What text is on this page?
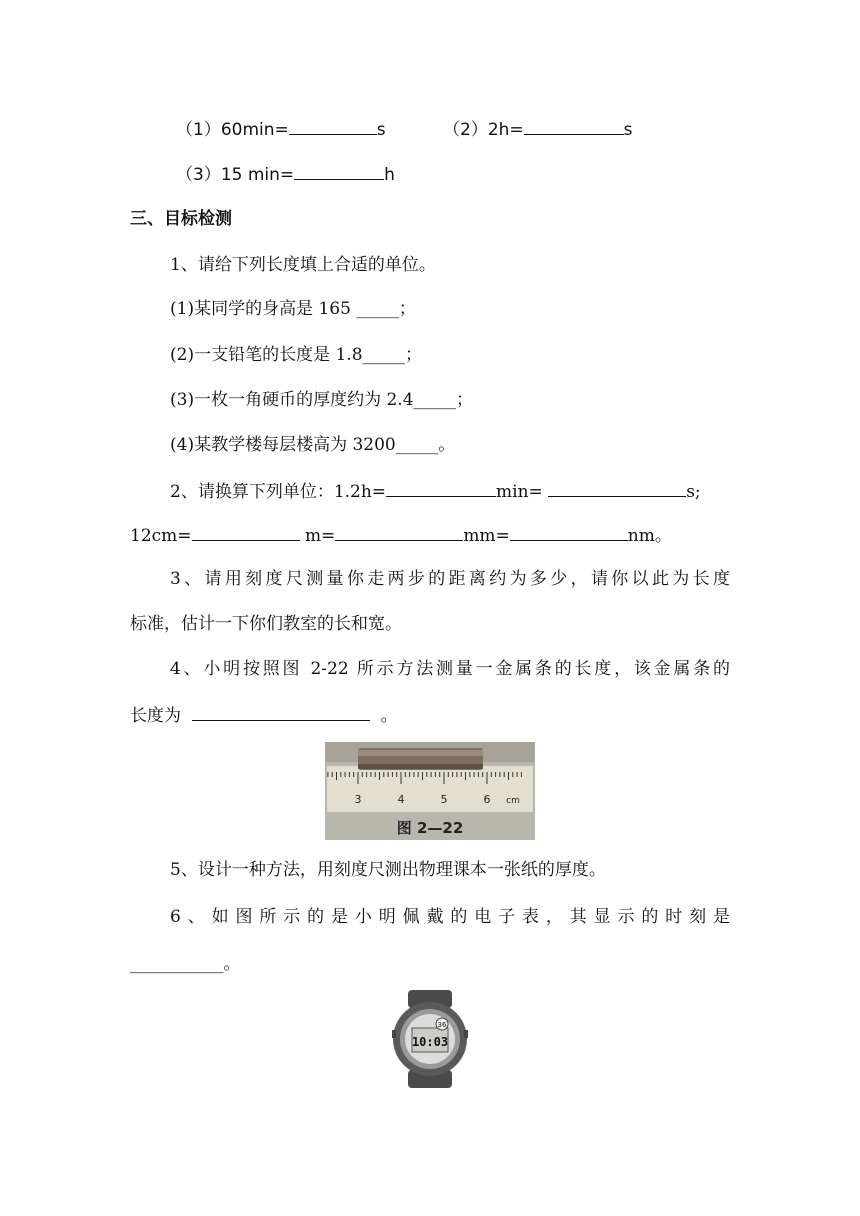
（1）60min=	s	（2）2h=	s
（3）15 min=	h
三、目标检测
1、请给下列长度填上合适的单位。
(1)某同学的身高是 165 _____；
(2)一支铅笔的长度是 1.8_____；
(3)一枚一角硬币的厚度约为 2.4_____；
(4)某教学楼每层楼高为 3200_____。
2、请换算下列单位：1.2h=	min=	s;
12cm=	m=	mm=	nm。
3、请用刻度尺测量你走两步的距离约为多少，请你以此为长度
标准，估计一下你们教室的长和宽。
4、小明按照图 2-22 所示方法测量一金属条的长度，该金属条的
长度为	。
3	4	5	6 cm
图 2—22
5、设计一种方法，用刻度尺测出物理课本一张纸的厚度。
6、如图所示的是小明佩戴的电子表，其显示的时刻是
___________。
36
10:03
